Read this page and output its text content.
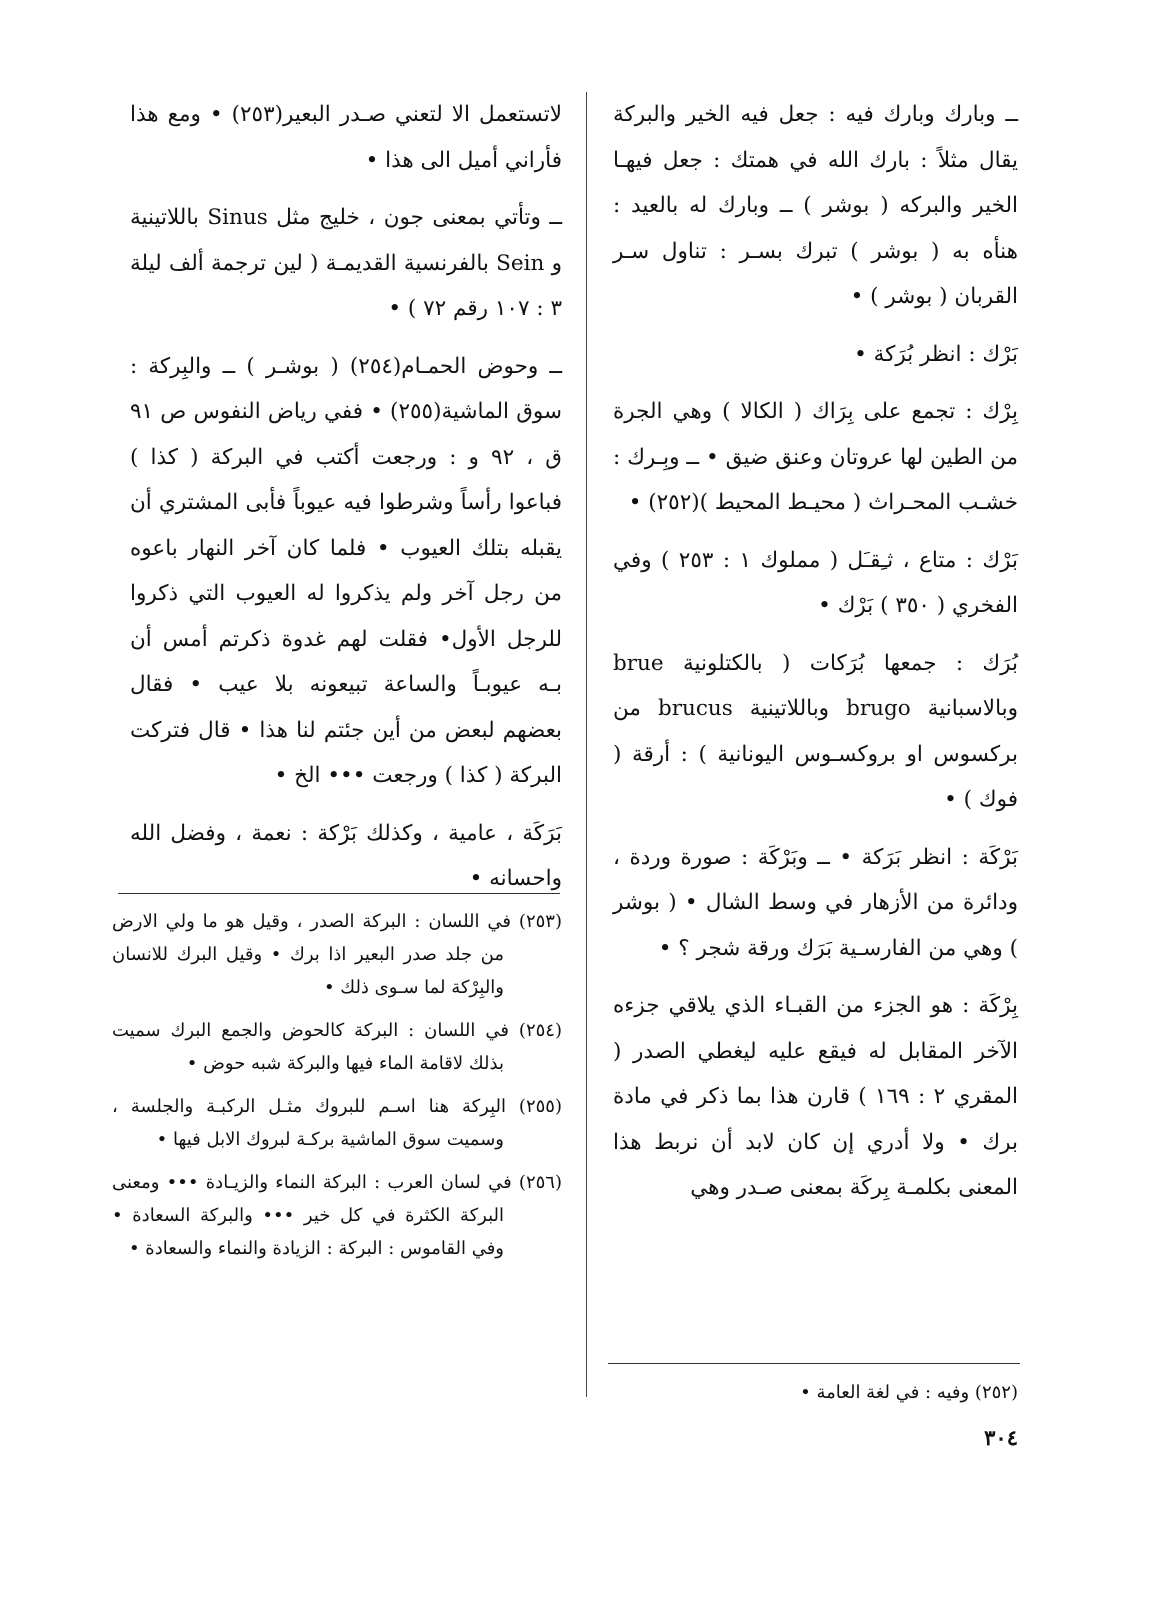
ــ وبارك وبارك فيه : جعل فيه الخير والبركة يقال مثلاً : بارك الله في همتك : جعل فيهـا الخير والبركه ( بوشر ) ــ وبارك له بالعيد : هنأه به ( بوشر ) تبرك بسـر : تناول سـر القربان ( بوشر ) •

بَرْك : انظر بُرَكة •

بِرْك : تجمع على بِرَاك ( الكالا ) وهي الجرة من الطين لها عروتان وعنق ضيق • ــ وبِـرك : خشـب المحـراث ( محيـط المحيط )(٢٥٢) •

بَرْك : متاع ، ثـِقـَل ( مملوك ١ : ٢٥٣ ) وفي الفخري ( ٣٥٠ ) بَرْك •

بُرَك : جمعها بُرَكات ( بالكتلونية brue وبالاسبانية brugo وباللاتينية brucus من بركسوس او بروكسـوس اليونانية ) : أرقة ( فوك ) •

بَرْكَة : انظر بَرَكة • ــ وبَرْكَة : صورة وردة ، ودائرة من الأزهار في وسط الشال • ( بوشر ) وهي من الفارسـية بَرَك ورقة شجر ؟ •

بِرْكَة : هو الجزء من القبـاء الذي يلاقي جزءه الآخر المقابل له فيقع عليه ليغطي الصدر ( المقري ٢ : ١٦٩ ) قارن هذا بما ذكر في مادة برك • ولا أدري إن كان لابد أن نربط هذا المعنى بكلمـة بِركَة بمعنى صـدر وهي

لاتستعمل الا لتعني صـدر البعير(٢٥٣) • ومع هذا فأراني أميل الى هذا •

ــ وتأتي بمعنى جون ، خليج مثل Sinus باللاتينية و Sein بالفرنسية القديمـة ( لين ترجمة ألف ليلة ٣ : ١٠٧ رقم ٧٢ ) •

ــ وحوض الحمـام(٢٥٤) ( بوشـر ) ــ والبِركة : سوق الماشية(٢٥٥) • ففي رياض النفوس ص ٩١ ق ، ٩٢ و : ورجعت أكتب في البركة ( كذا ) فباعوا رأساً وشرطوا فيه عيوباً فأبى المشتري أن يقبله بتلك العيوب • فلما كان آخر النهار باعوه من رجل آخر ولم يذكروا له العيوب التي ذكروا للرجل الأول• فقلت لهم غدوة ذكرتم أمس أن بـه عيوبـاً والساعة تبيعونه بلا عيب • فقال بعضهم لبعض من أين جئتم لنا هذا • قال فتركت البركة ( كذا ) ورجعت ••• الخ •

بَرَكَة ، عامية ، وكذلك بَرْكة : نعمة ، وفضل الله واحسانه •

(٢٥٣) في اللسان : البركة الصدر ، وقيل هو ما ولي الارض من جلد صدر البعير اذا برك • وقيل البرك للانسان والبِرْكة لما سـوى ذلك •

(٢٥٤) في اللسان : البركة كالحوض والجمع البرك سميت بذلك لاقامة الماء فيها والبركة شبه حوض •

(٢٥٥) البِركة هنا اسـم للبروك مثـل الركبـة والجلسة ، وسميت سوق الماشية بركـة لبروك الابل فيها •

(٢٥٦) في لسان العرب : البركة النماء والزيـادة ••• ومعنى البركة الكثرة في كل خير ••• والبركة السعادة • وفي القاموس : البركة : الزيادة والنماء والسعادة •

(٢٥٢) وفيه : في لغة العامة •
٣٠٤
